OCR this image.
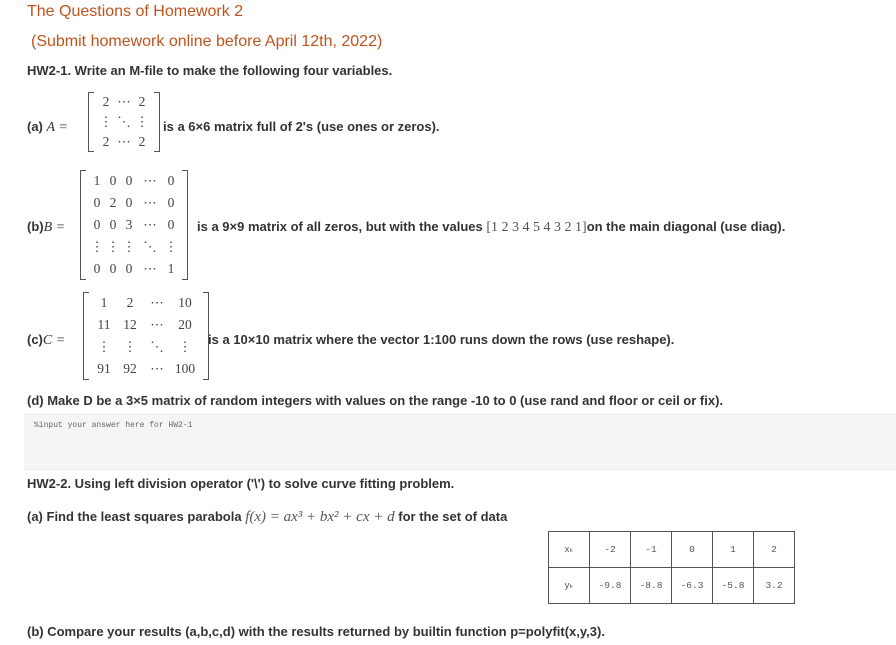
The Questions of Homework 2
(Submit homework online before April 12th, 2022)
HW2-1. Write an M-file to make the following four variables.
(a) A =
2 ⋯ 2
⋮ ⋱ ⋮
2 ⋯ 2
is a 6×6 matrix full of 2's (use ones or zeros).
(b)B =
1 0 0 ⋯ 0
0 2 0 ⋯ 0
0 0 3 ⋯ 0
⋮ ⋮ ⋮ ⋱ ⋮
0 0 0 ⋯ 1
is a 9×9 matrix of all zeros, but with the values [1 2 3 4 5 4 3 2 1]on the main diagonal (use diag).
(c)C =
1 2 ⋯ 10
11 12 ⋯ 20
⋮ ⋮ ⋱ ⋮
91 92 ⋯ 100
is a 10×10 matrix where the vector 1:100 runs down the rows (use reshape).
(d) Make D be a 3×5 matrix of random integers with values on the range -10 to 0 (use rand and floor or ceil or fix).
%input your answer here for HW2-1
HW2-2. Using left division operator ('\') to solve curve fitting problem.
(a) Find the least squares parabola f(x) = ax³ + bx² + cx + d for the set of data
xₖ	-2	-1	0	1	2
yₖ	-9.8	-8.8	-6.3	-5.8	3.2
(b) Compare your results (a,b,c,d) with the results returned by builtin function p=polyfit(x,y,3).
